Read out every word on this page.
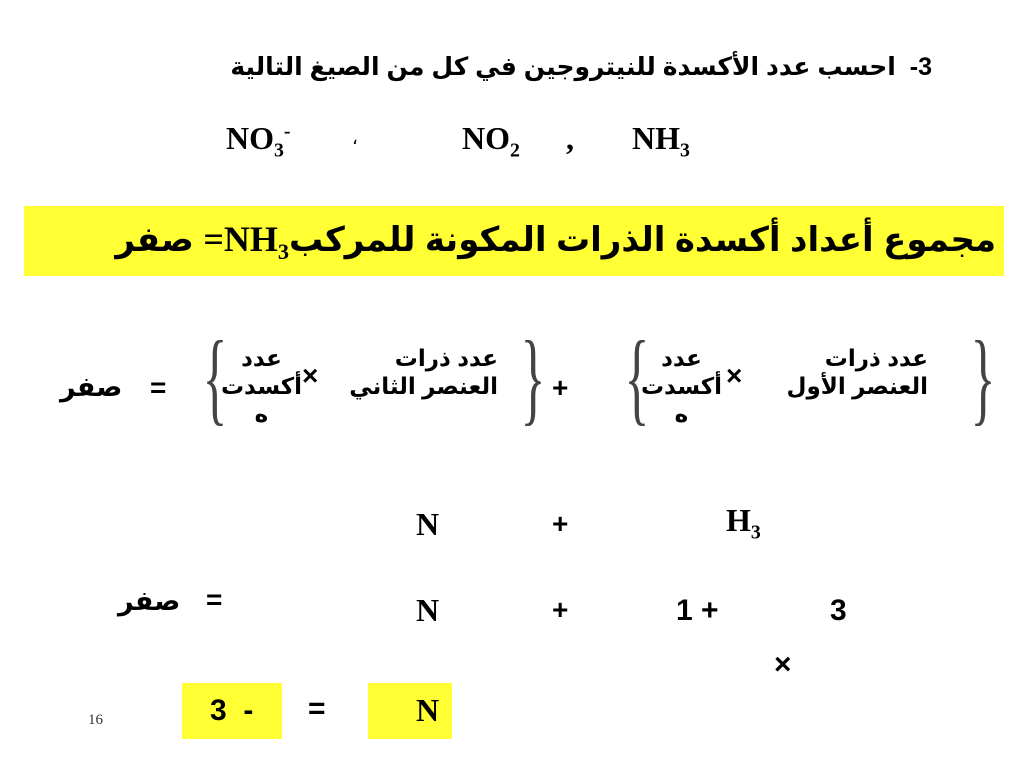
3-  احسب عدد الأكسدة للنيتروجين في كل من الصيغ التالية
$NO_3^-$	،	$NO_2$ , $NH_3$
مجموع أعداد أكسدة الذرات المكونة للمركبNH$_3$= صفر
}
عدد ذرات
العنصر الأول
×
عدد
أكسدت
ه
{
+
}
عدد ذرات
العنصر الثاني
×
عدد
أكسدت
ه
{
=
صفر
$H_3$
+
N
3
1 +
×
+
N
=
صفر
3  - =	N
16
